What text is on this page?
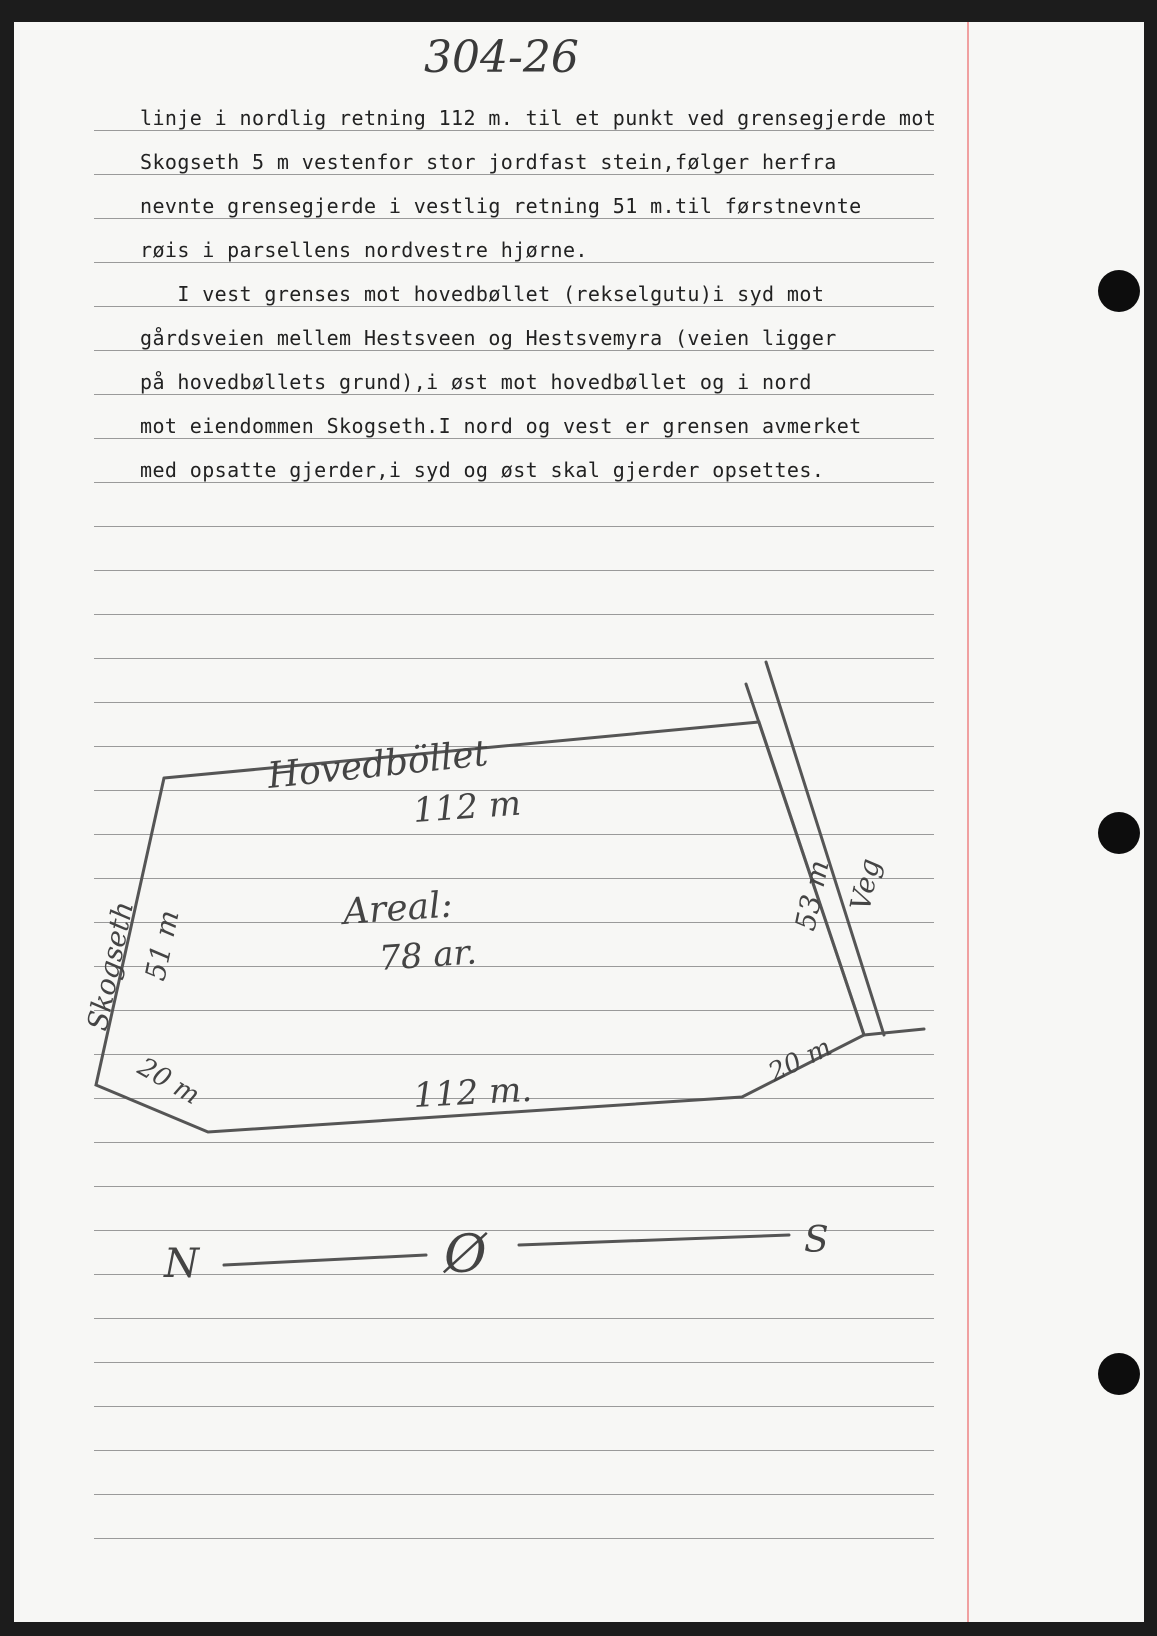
304-26
linje i nordlig retning 112 m. til et punkt ved grensegjerde mot
Skogseth 5 m vestenfor stor jordfast stein,følger herfra
nevnte grensegjerde i vestlig retning 51 m.til førstnevnte
røis i parsellens nordvestre hjørne.
I vest grenses mot hovedbøllet (rekselgutu)i syd mot
gårdsveien mellem Hestsveen og Hestsvemyra (veien ligger
på hovedbøllets grund),i øst mot hovedbøllet og i nord
mot eiendommen Skogseth.I nord og vest er grensen avmerket
med opsatte gjerder,i syd og øst skal gjerder opsettes.
Hovedböllet
112 m
Areal:
78 ar.
Skogseth
51 m
53 m Veg
20 m	112 m.
20 m
N	Ø	S
